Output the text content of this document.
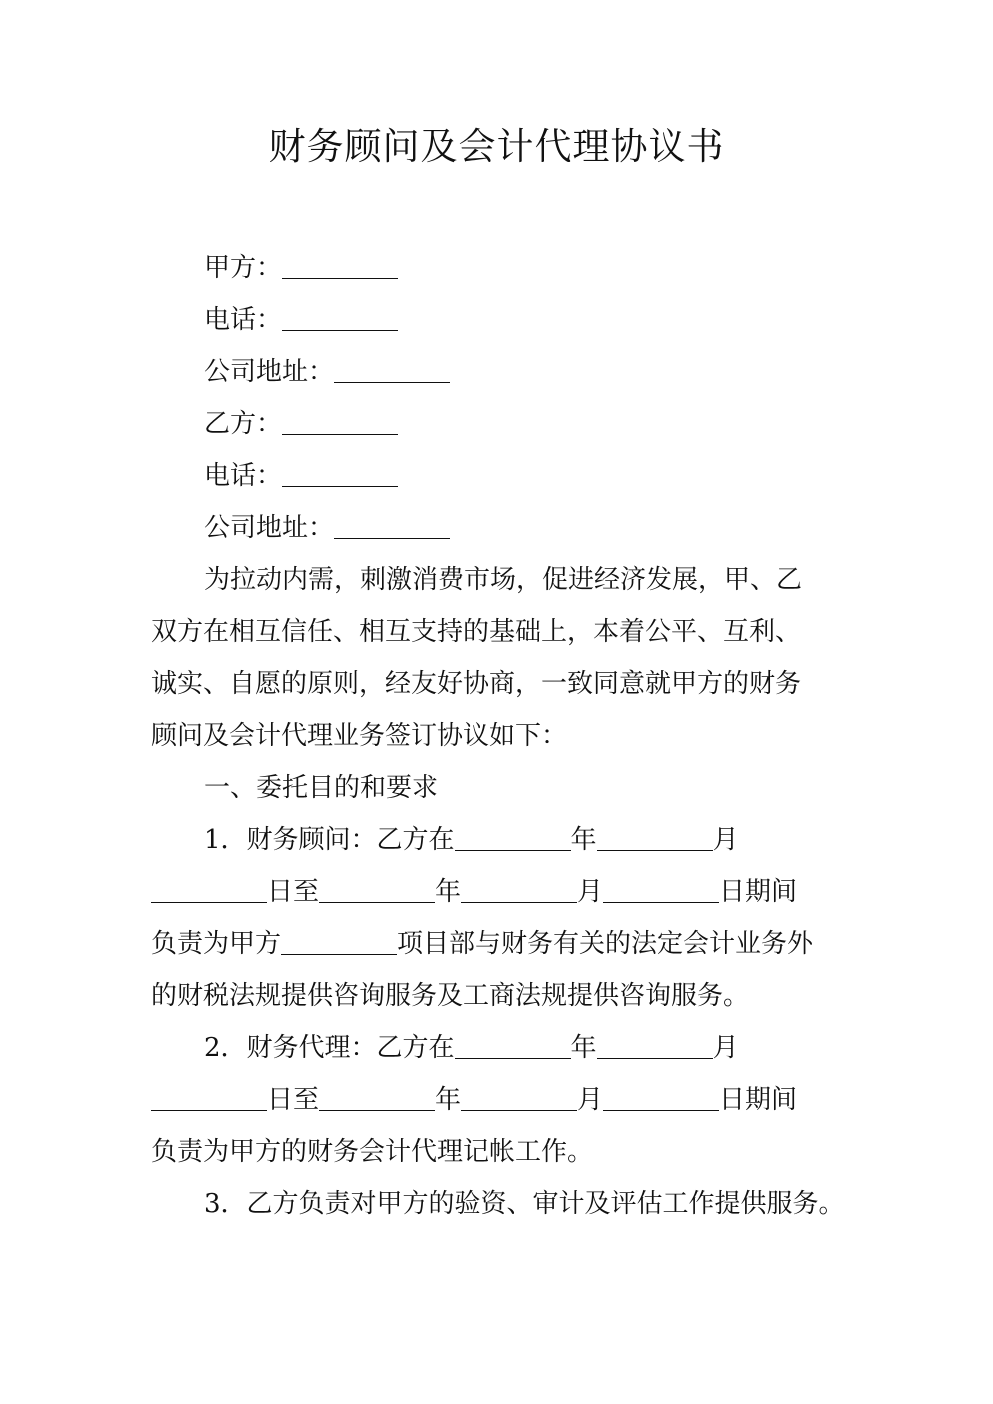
财务顾问及会计代理协议书
甲方：
电话：
公司地址：
乙方：
电话：
公司地址：
为拉动内需，刺激消费市场，促进经济发展，甲、乙
双方在相互信任、相互支持的基础上，本着公平、互利、
诚实、自愿的原则，经友好协商，一致同意就甲方的财务
顾问及会计代理业务签订协议如下：
一、委托目的和要求
1．财务顾问：乙方在	年	月
日至	年	月	日期间
负责为甲方	项目部与财务有关的法定会计业务外
的财税法规提供咨询服务及工商法规提供咨询服务。
2．财务代理：乙方在	年	月
日至	年	月	日期间
负责为甲方的财务会计代理记帐工作。
3．乙方负责对甲方的验资、审计及评估工作提供服务。
